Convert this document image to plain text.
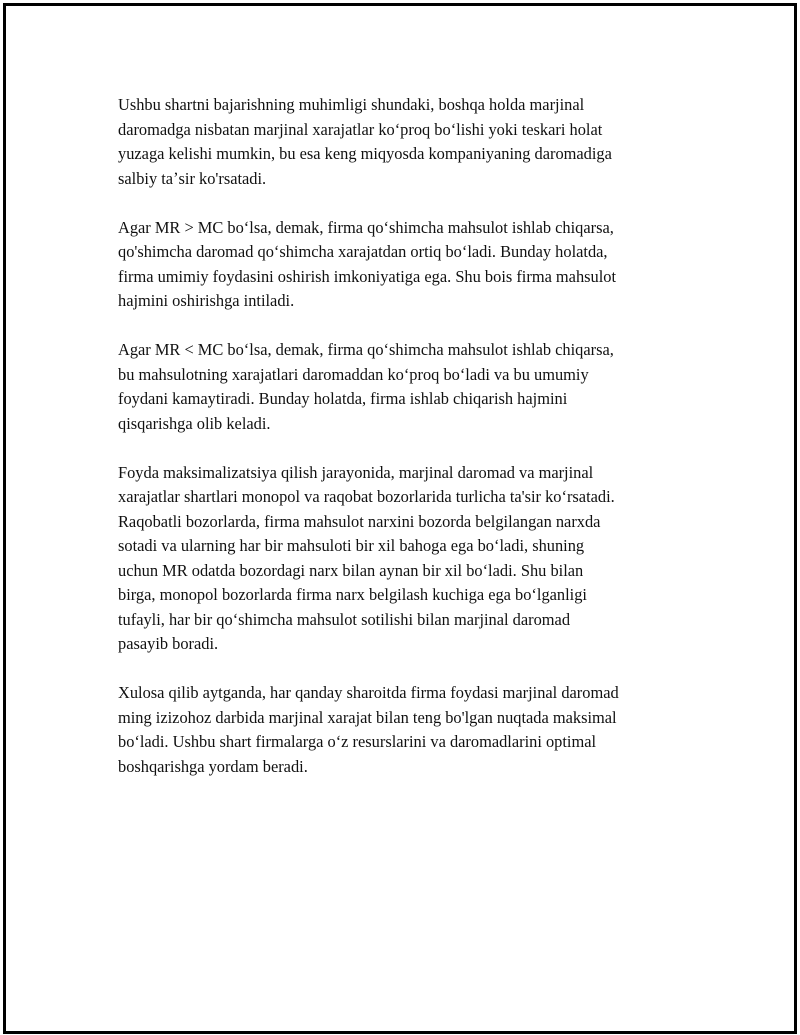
Ushbu shartni bajarishning muhimligi shundaki, boshqa holda marjinal
daromadga nisbatan marjinal xarajatlar koʻproq boʻlishi yoki teskari holat
yuzaga kelishi mumkin, bu esa keng miqyosda kompaniyaning daromadiga
salbiy taʼsir ko'rsatadi.

Agar MR > MC boʻlsa, demak, firma qoʻshimcha mahsulot ishlab chiqarsa,
qo'shimcha daromad qoʻshimcha xarajatdan ortiq boʻladi. Bunday holatda,
firma umimiy foydasini oshirish imkoniyatiga ega. Shu bois firma mahsulot
hajmini oshirishga intiladi.

Agar MR < MC boʻlsa, demak, firma qoʻshimcha mahsulot ishlab chiqarsa,
bu mahsulotning xarajatlari daromaddan koʻproq boʻladi va bu umumiy
foydani kamaytiradi. Bunday holatda, firma ishlab chiqarish hajmini
qisqarishga olib keladi.

Foyda maksimalizatsiya qilish jarayonida, marjinal daromad va marjinal
xarajatlar shartlari monopol va raqobat bozorlarida turlicha ta'sir koʻrsatadi.
Raqobatli bozorlarda, firma mahsulot narxini bozorda belgilangan narxda
sotadi va ularning har bir mahsuloti bir xil bahoga ega boʻladi, shuning
uchun MR odatda bozordagi narx bilan aynan bir xil boʻladi. Shu bilan
birga, monopol bozorlarda firma narx belgilash kuchiga ega boʻlganligi
tufayli, har bir qoʻshimcha mahsulot sotilishi bilan marjinal daromad
pasayib boradi.

Xulosa qilib aytganda, har qanday sharoitda firma foydasi marjinal daromad
ming izizohoz darbida marjinal xarajat bilan teng bo'lgan nuqtada maksimal
boʻladi. Ushbu shart firmalarga oʻz resurslarini va daromadlarini optimal
boshqarishga yordam beradi.
